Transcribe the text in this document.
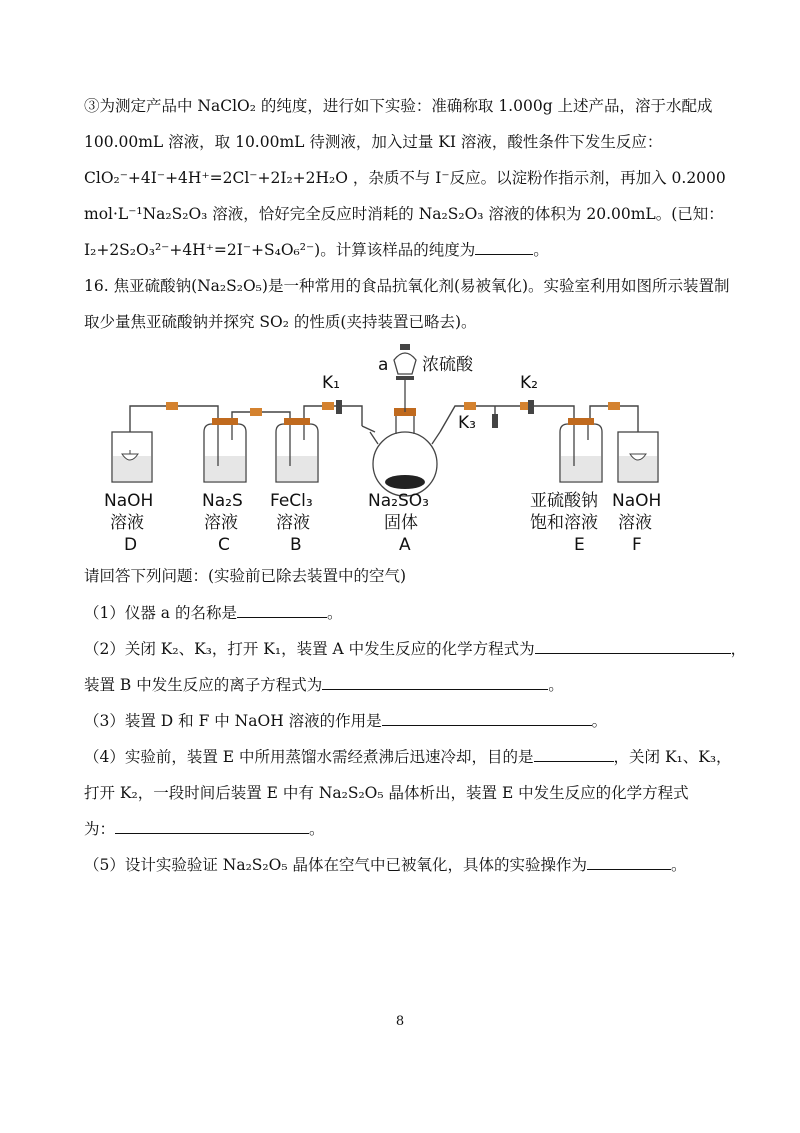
③为测定产品中 NaClO₂ 的纯度，进行如下实验：准确称取 1.000g 上述产品，溶于水配成

100.00mL 溶液，取 10.00mL 待测液，加入过量 KI 溶液，酸性条件下发生反应：

ClO₂⁻+4I⁻+4H⁺=2Cl⁻+2I₂+2H₂O ，杂质不与 I⁻反应。以淀粉作指示剂，再加入 0.2000

mol·L⁻¹Na₂S₂O₃ 溶液，恰好完全反应时消耗的 Na₂S₂O₃ 溶液的体积为 20.00mL。(已知：

I₂+2S₂O₃²⁻+4H⁺=2I⁻+S₄O₆²⁻)。计算该样品的纯度为	。

16. 焦亚硫酸钠(Na₂S₂O₅)是一种常用的食品抗氧化剂(易被氧化)。实验室利用如图所示装置制

取少量焦亚硫酸钠并探究 SO₂ 的性质(夹持装置已略去)。

a 浓硫酸
K₁	K₂
K₃
NaOH
溶液
D
Na₂S
溶液
C
FeCl₃
溶液
B
Na₂SO₃
固体
A
亚硫酸钠
饱和溶液
E
NaOH
溶液
F

请回答下列问题：(实验前已除去装置中的空气)

（1）仪器 a 的名称是	。

（2）关闭 K₂、K₃，打开 K₁，装置 A 中发生反应的化学方程式为	，

装置 B 中发生反应的离子方程式为	。

（3）装置 D 和 F 中 NaOH 溶液的作用是	。

（4）实验前，装置 E 中所用蒸馏水需经煮沸后迅速冷却，目的是	，关闭 K₁、K₃，

打开 K₂，一段时间后装置 E 中有 Na₂S₂O₅ 晶体析出，装置 E 中发生反应的化学方程式

为：	。

（5）设计实验验证 Na₂S₂O₅ 晶体在空气中已被氧化，具体的实验操作为	。

8
